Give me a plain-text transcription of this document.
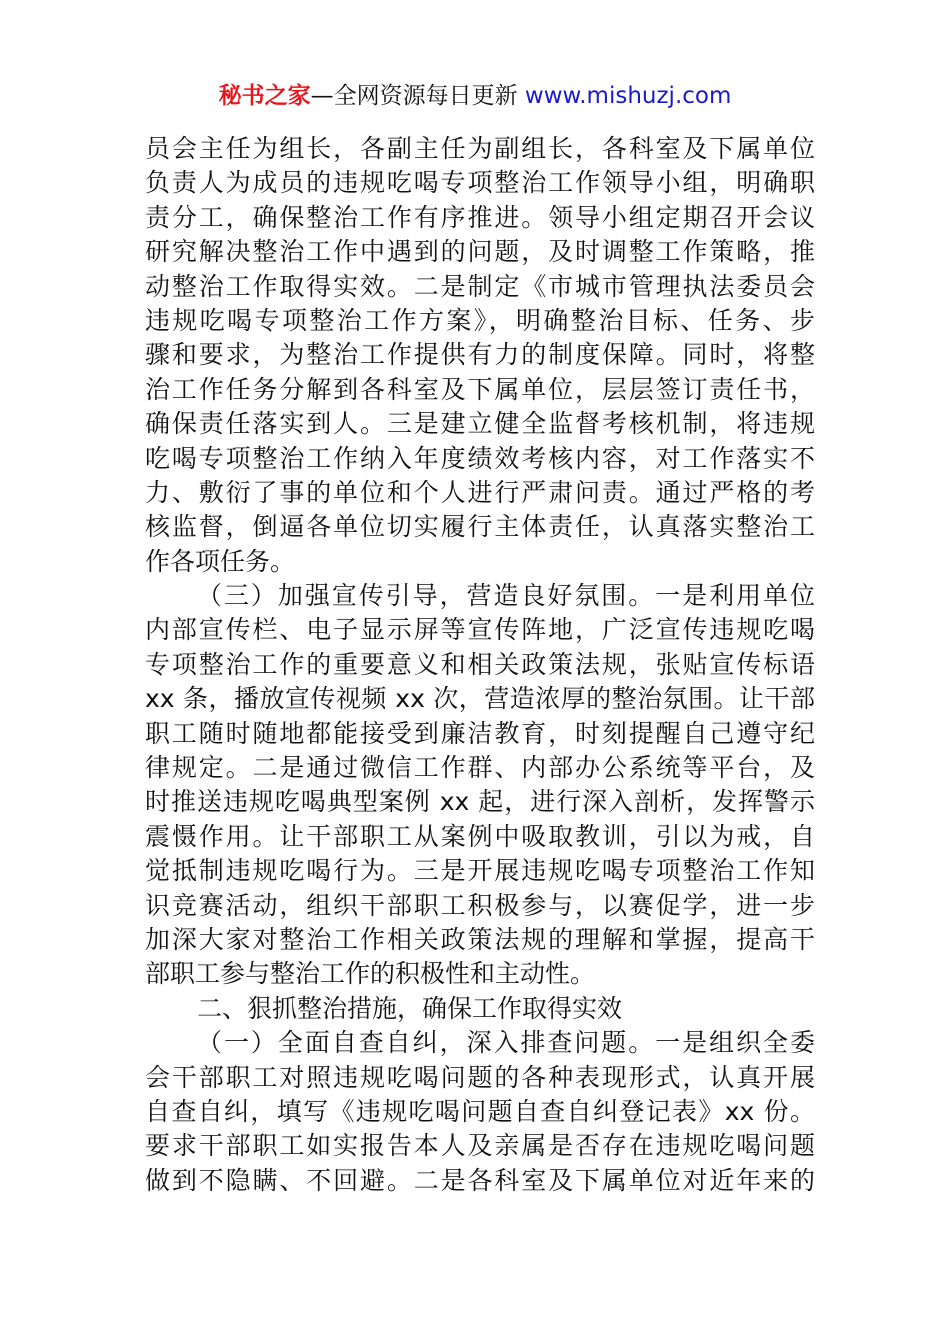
秘书之家—全网资源每日更新 www.mishuzj.com
员会主任为组长，各副主任为副组长，各科室及下属单位
负责人为成员的违规吃喝专项整治工作领导小组，明确职
责分工，确保整治工作有序推进。领导小组定期召开会议
研究解决整治工作中遇到的问题，及时调整工作策略，推
动整治工作取得实效。二是制定《市城市管理执法委员会
违规吃喝专项整治工作方案》，明确整治目标、任务、步
骤和要求，为整治工作提供有力的制度保障。同时，将整
治工作任务分解到各科室及下属单位，层层签订责任书，
确保责任落实到人。三是建立健全监督考核机制，将违规
吃喝专项整治工作纳入年度绩效考核内容，对工作落实不
力、敷衍了事的单位和个人进行严肃问责。通过严格的考
核监督，倒逼各单位切实履行主体责任，认真落实整治工
作各项任务。
（三）加强宣传引导，营造良好氛围。一是利用单位
内部宣传栏、电子显示屏等宣传阵地，广泛宣传违规吃喝
专项整治工作的重要意义和相关政策法规，张贴宣传标语
xx 条，播放宣传视频 xx 次，营造浓厚的整治氛围。让干部
职工随时随地都能接受到廉洁教育，时刻提醒自己遵守纪
律规定。二是通过微信工作群、内部办公系统等平台，及
时推送违规吃喝典型案例 xx 起，进行深入剖析，发挥警示
震慑作用。让干部职工从案例中吸取教训，引以为戒，自
觉抵制违规吃喝行为。三是开展违规吃喝专项整治工作知
识竞赛活动，组织干部职工积极参与，以赛促学，进一步
加深大家对整治工作相关政策法规的理解和掌握，提高干
部职工参与整治工作的积极性和主动性。
二、狠抓整治措施，确保工作取得实效
（一）全面自查自纠，深入排查问题。一是组织全委
会干部职工对照违规吃喝问题的各种表现形式，认真开展
自查自纠，填写《违规吃喝问题自查自纠登记表》xx 份。
要求干部职工如实报告本人及亲属是否存在违规吃喝问题
做到不隐瞒、不回避。二是各科室及下属单位对近年来的
